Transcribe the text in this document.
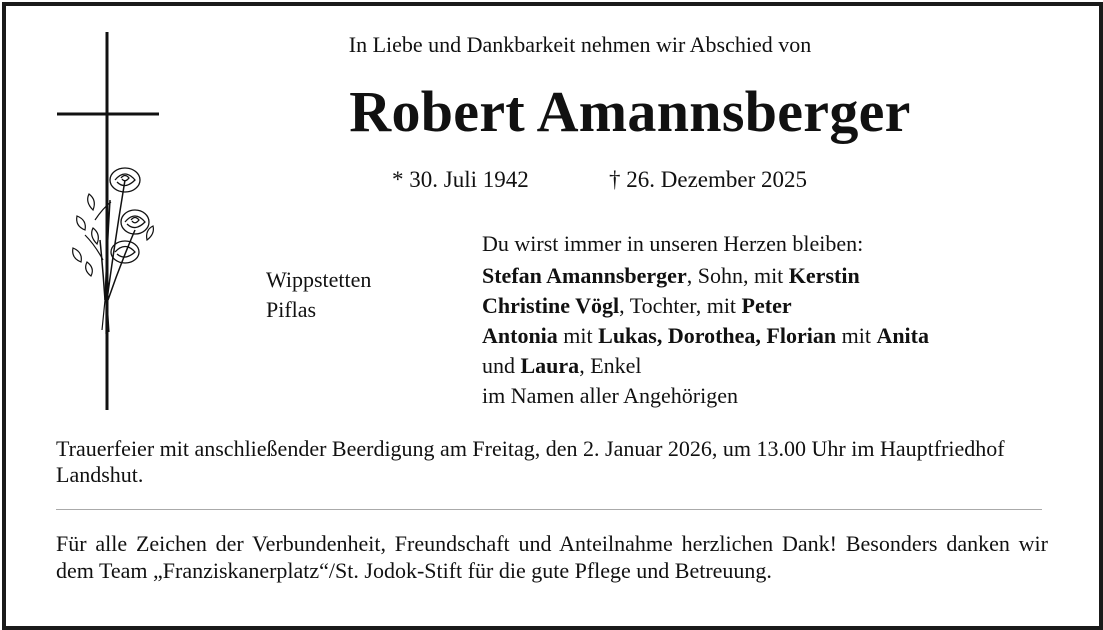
In Liebe und Dankbarkeit nehmen wir Abschied von
Robert Amannsberger
* 30. Juli 1942	† 26. Dezember 2025
Wippstetten
Piflas
Du wirst immer in unseren Herzen bleiben:
Stefan Amannsberger, Sohn, mit Kerstin
Christine Vögl, Tochter, mit Peter
Antonia mit Lukas, Dorothea, Florian mit Anita
und Laura, Enkel
im Namen aller Angehörigen
Trauerfeier mit anschließender Beerdigung am Freitag, den 2. Januar 2026, um 13.00 Uhr im Hauptfriedhof Landshut.
Für alle Zeichen der Verbundenheit, Freundschaft und Anteilnahme herzlichen Dank! Besonders danken wir dem Team „Franziskanerplatz“/St. Jodok-Stift für die gute Pflege und Betreuung.
